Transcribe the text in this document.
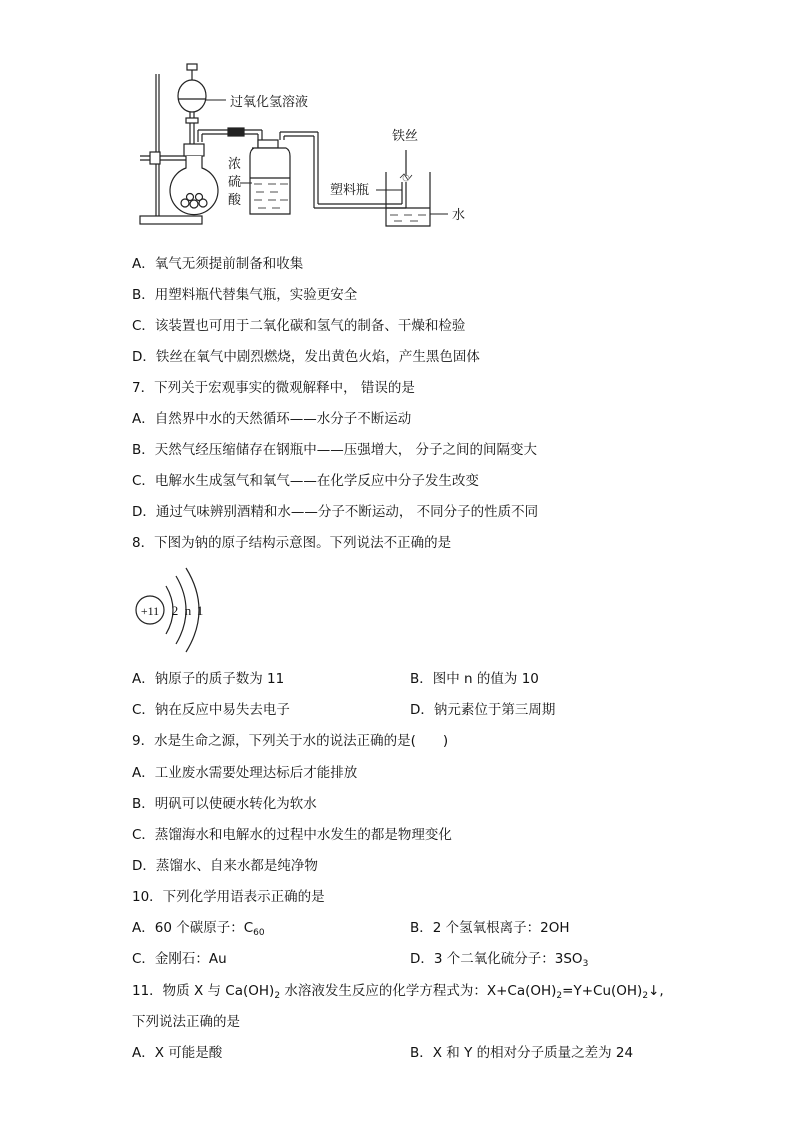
过氧化氢溶液
浓
硫
酸
铁丝
塑料瓶
水
A．氧气无须提前制备和收集
B．用塑料瓶代替集气瓶，实验更安全
C．该装置也可用于二氧化碳和氢气的制备、干燥和检验
D．铁丝在氧气中剧烈燃烧，发出黄色火焰，产生黑色固体
7．下列关于宏观事实的微观解释中， 错误的是
A．自然界中水的天然循环——水分子不断运动
B．天然气经压缩储存在钢瓶中——压强增大， 分子之间的间隔变大
C．电解水生成氢气和氧气——在化学反应中分子发生改变
D．通过气味辨别酒精和水——分子不断运动， 不同分子的性质不同
8．下图为钠的原子结构示意图。下列说法不正确的是
+11 2 n 1
A．钠原子的质子数为 11	B．图中 n 的值为 10
C．钠在反应中易失去电子	D．钠元素位于第三周期
9．水是生命之源，下列关于水的说法正确的是(　　)
A．工业废水需要处理达标后才能排放
B．明矾可以使硬水转化为软水
C．蒸馏海水和电解水的过程中水发生的都是物理变化
D．蒸馏水、自来水都是纯净物
10．下列化学用语表示正确的是
A．60 个碳原子：$C_{60}$	B．2 个氢氧根离子：2OH
C．金刚石：Au	D．3 个二氧化硫分子：$3SO_3$
11．物质 X 与 $Ca(OH)_2$ 水溶液发生反应的化学方程式为：$X+Ca(OH)_2=Y+Cu(OH)_2↓$,
下列说法正确的是
A．X 可能是酸	B．X 和 Y 的相对分子质量之差为 24
